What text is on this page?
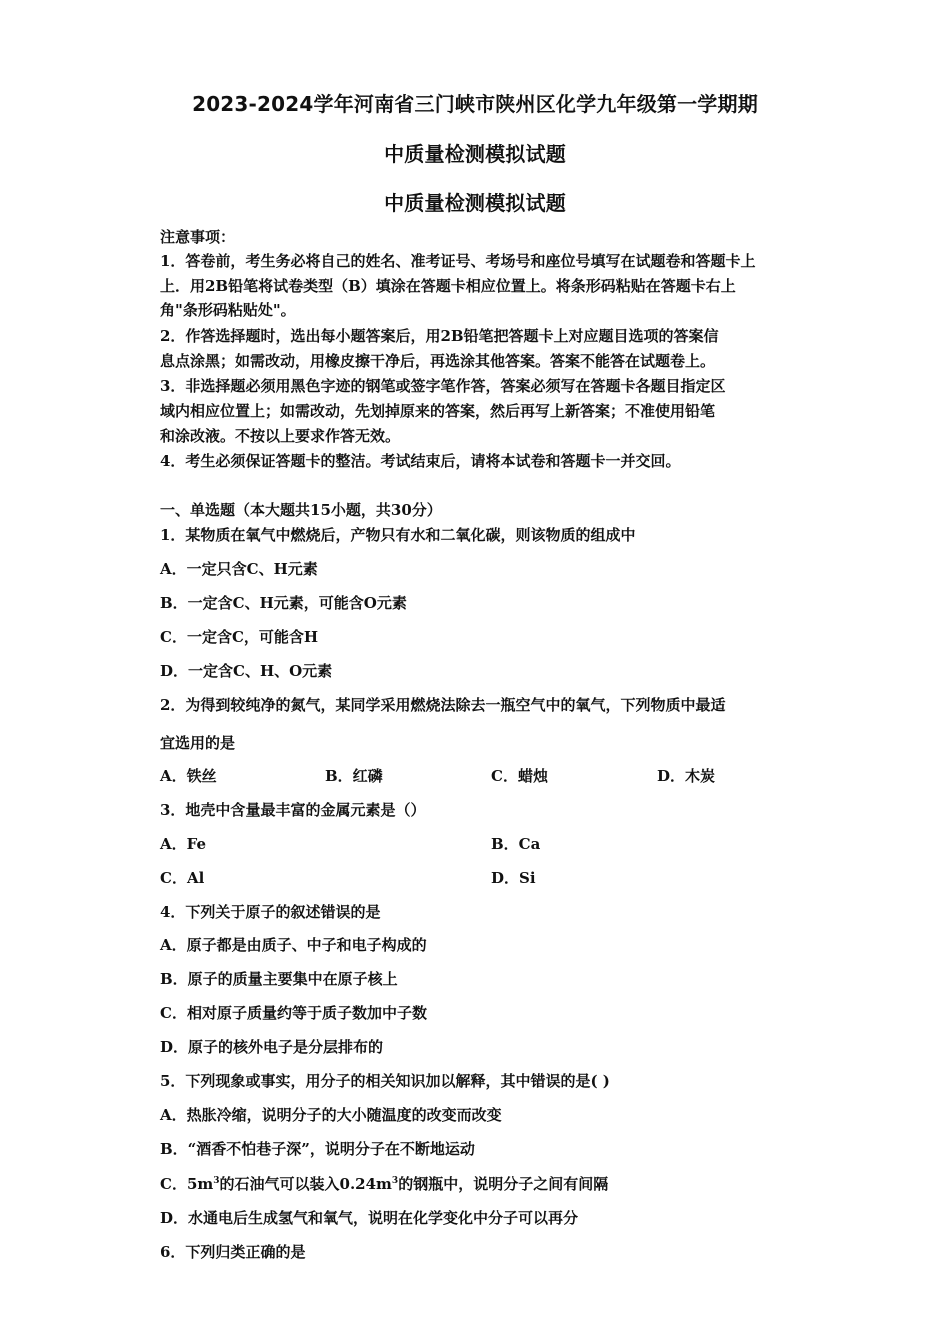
2023-2024学年河南省三门峡市陕州区化学九年级第一学期期
中质量检测模拟试题
中质量检测模拟试题
注意事项：
1．答卷前，考生务必将自己的姓名、准考证号、考场号和座位号填写在试题卷和答题卡上
上．用2B铅笔将试卷类型（B）填涂在答题卡相应位置上。将条形码粘贴在答题卡右上
角"条形码粘贴处"。
2．作答选择题时，选出每小题答案后，用2B铅笔把答题卡上对应题目选项的答案信
息点涂黑；如需改动，用橡皮擦干净后，再选涂其他答案。答案不能答在试题卷上。
3．非选择题必须用黑色字迹的钢笔或签字笔作答，答案必须写在答题卡各题目指定区
域内相应位置上；如需改动，先划掉原来的答案，然后再写上新答案；不准使用铅笔
和涂改液。不按以上要求作答无效。
4．考生必须保证答题卡的整洁。考试结束后，请将本试卷和答题卡一并交回。
一、单选题（本大题共15小题，共30分）
1．某物质在氧气中燃烧后，产物只有水和二氧化碳，则该物质的组成中
A．一定只含C、H元素
B．一定含C、H元素，可能含O元素
C．一定含C，可能含H
D．一定含C、H、O元素
2．为得到较纯净的氮气，某同学采用燃烧法除去一瓶空气中的氧气，下列物质中最适
宜选用的是
A．铁丝	B．红磷	C．蜡烛	D．木炭
3．地壳中含量最丰富的金属元素是（）
A．Fe	B．Ca
C．Al	D．Si
4．下列关于原子的叙述错误的是
A．原子都是由质子、中子和电子构成的
B．原子的质量主要集中在原子核上
C．相对原子质量约等于质子数加中子数
D．原子的核外电子是分层排布的
5．下列现象或事实，用分子的相关知识加以解释，其中错误的是( )
A．热胀冷缩，说明分子的大小随温度的改变而改变
B．“酒香不怕巷子深”，说明分子在不断地运动
C．$5m^3$的石油气可以装入$0.24m^3$的钢瓶中，说明分子之间有间隔
D．水通电后生成氢气和氧气，说明在化学变化中分子可以再分
6．下列归类正确的是
